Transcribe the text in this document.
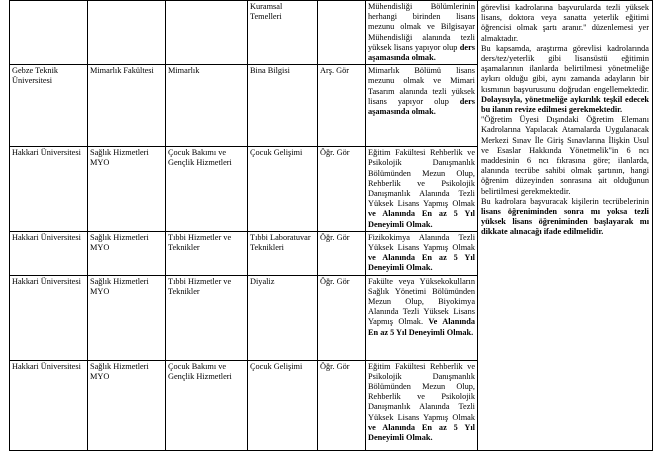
			Kuramsal Temelleri		Mühendisliği Bölümlerinin herhangi birinden lisans mezunu olmak ve Bilgisayar Mühendisliği alanında tezli yüksek lisans yapıyor olup ders aşamasında olmak.	görevlisi kadrolarına başvurularda tezli yüksek lisans, doktora veya sanatta yeterlik eğitimi öğrencisi olmak şartı aranır." düzenlemesi yer almaktadır.

Bu kapsamda, araştırma görevlisi kadrolarında ders/tez/yeterlik gibi lisansüstü eğitimin aşamalarının ilanlarda belirtilmesi yönetmeliğe aykırı olduğu gibi, aynı zamanda adayların bir kısmının başvurusunu doğrudan engellemektedir. Dolayısıyla, yönetmeliğe aykırılık teşkil edecek bu ilanın revize edilmesi gerekmektedir.

"Öğretim Üyesi Dışındaki Öğretim Elemanı Kadrolarına Yapılacak Atamalarda Uygulanacak Merkezi Sınav İle Giriş Sınavlarına İlişkin Usul ve Esaslar Hakkında Yönetmelik"in 6 ncı maddesinin 6 ncı fıkrasına göre; ilanlarda, alanında tecrübe sahibi olmak şartının, hangi öğrenim düzeyinden sonrasına ait olduğunun belirtilmesi gerekmektedir.

Bu kadrolara başvuracak kişilerin tecrübelerinin lisans öğreniminden sonra mı yoksa tezli yüksek lisans öğreniminden başlayarak mı dikkate alınacağı ifade edilmelidir.

Gebze Teknik Üniversitesi	Mimarlık Fakültesi	Mimarlık	Bina Bilgisi	Arş. Gör	Mimarlık Bölümü lisans mezunu olmak ve Mimari Tasarım alanında tezli yüksek lisans yapıyor olup ders aşamasında olmak.	
Hakkari Üniversitesi	Sağlık Hizmetleri MYO	Çocuk Bakımı ve Gençlik Hizmetleri	Çocuk Gelişimi	Öğr. Gör	Eğitim Fakültesi Rehberlik ve Psikolojik Danışmanlık Bölümünden Mezun Olup, Rehberlik ve Psikolojik Danışmanlık Alanında Tezli Yüksek Lisans Yapmış Olmak ve Alanında En az 5 Yıl Deneyimli Olmak.	
Hakkari Üniversitesi	Sağlık Hizmetleri MYO	Tıbbi Hizmetler ve Teknikler	Tıbbi Laboratuvar Teknikleri	Öğr. Gör	Fizikokimya Alanında Tezli Yüksek Lisans Yapmış Olmak ve Alanında En az 5 Yıl Deneyimli Olmak.	
Hakkari Üniversitesi	Sağlık Hizmetleri MYO	Tıbbi Hizmetler ve Teknikler	Diyaliz	Öğr. Gör	Fakülte veya Yüksekokulların Sağlık Yönetimi Bölümünden Mezun Olup, Biyokimya Alanında Tezli Yüksek Lisans Yapmış Olmak. Ve Alanında En az 5 Yıl Deneyimli Olmak.	
Hakkari Üniversitesi	Sağlık Hizmetleri MYO	Çocuk Bakımı ve Gençlik Hizmetleri	Çocuk Gelişimi	Öğr. Gör	Eğitim Fakültesi Rehberlik ve Psikolojik Danışmanlık Bölümünden Mezun Olup, Rehberlik ve Psikolojik Danışmanlık Alanında Tezli Yüksek Lisans Yapmış Olmak ve Alanında En az 5 Yıl Deneyimli Olmak.	
